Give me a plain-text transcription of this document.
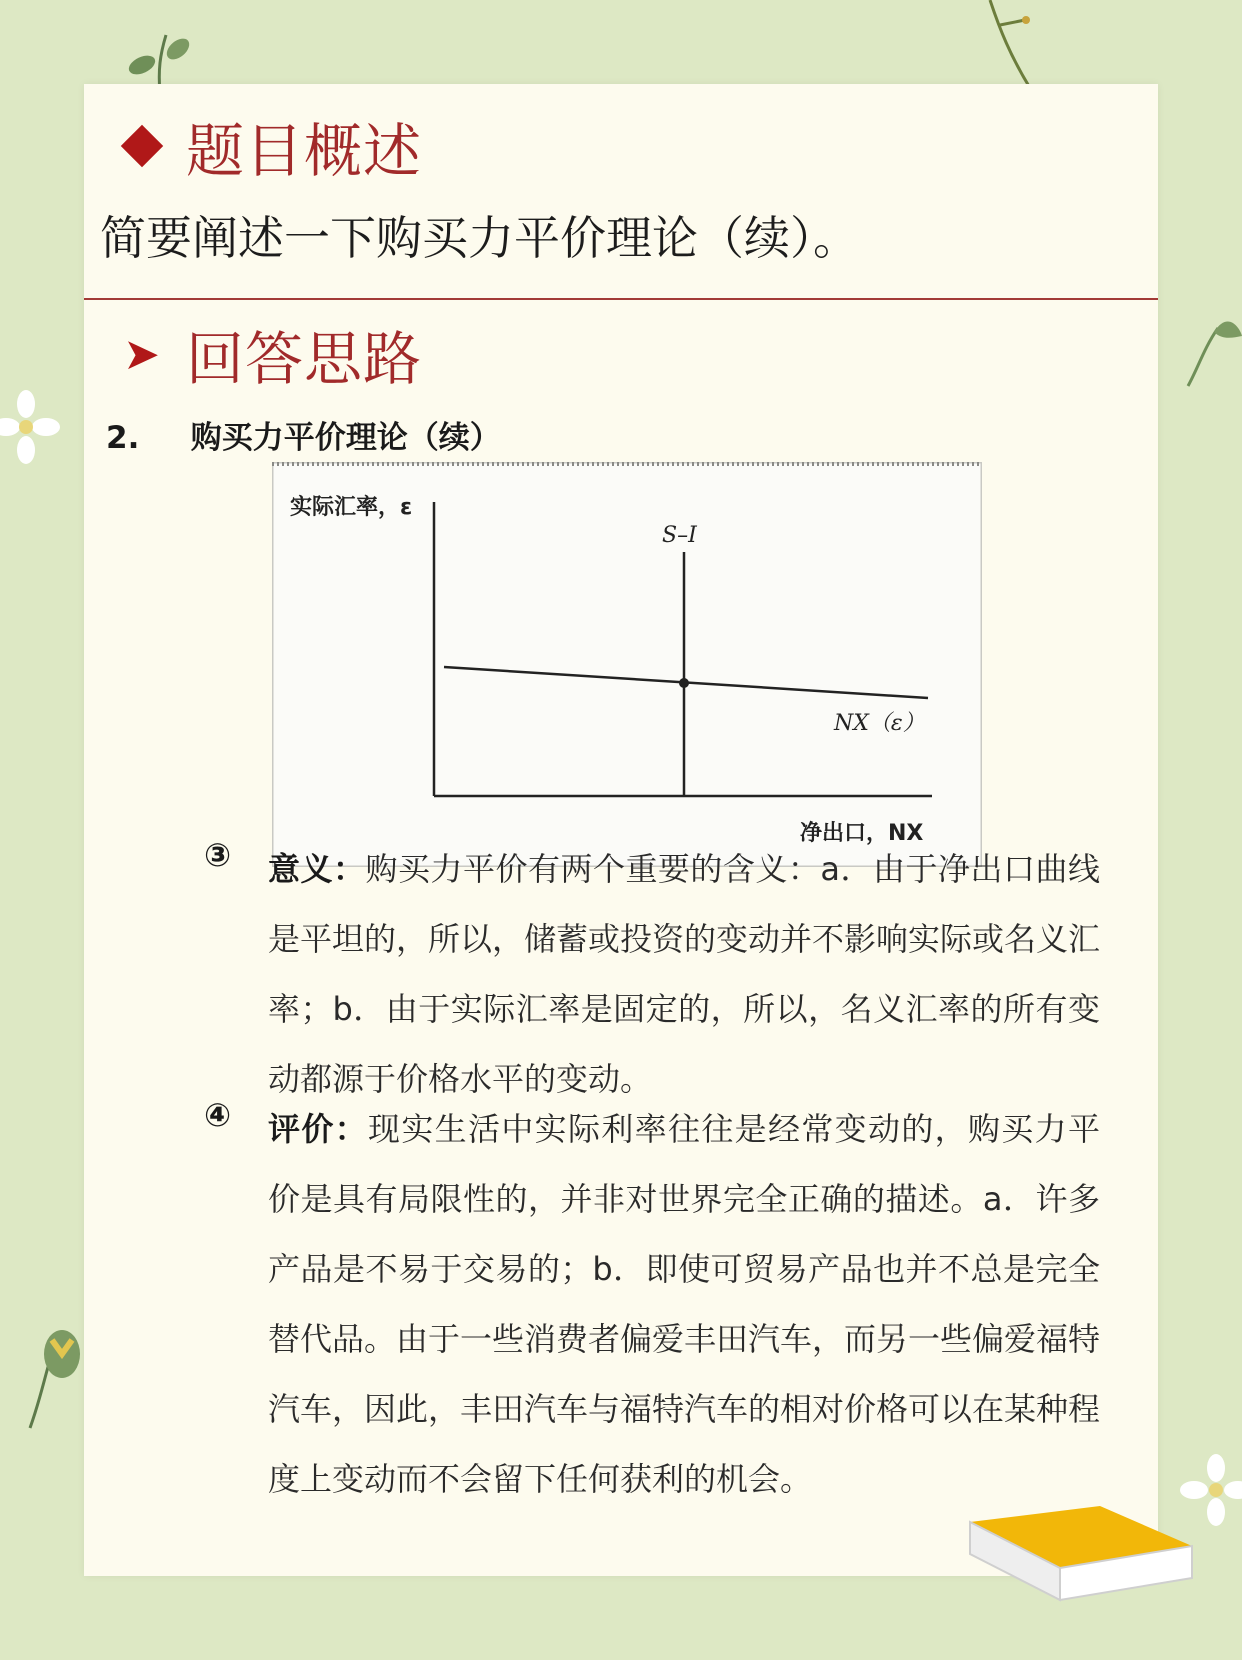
题目概述
简要阐述一下购买力平价理论（续）。
➤ 回答思路
2. 购买力平价理论（续）
实际汇率，ε
S–I
NX（ε）
净出口，NX
③	意义：购买力平价有两个重要的含义：a．由于净出口曲线是平坦的，所以，储蓄或投资的变动并不影响实际或名义汇率；b．由于实际汇率是固定的，所以，名义汇率的所有变动都源于价格水平的变动。
④	评价：现实生活中实际利率往往是经常变动的，购买力平价是具有局限性的，并非对世界完全正确的描述。a．许多产品是不易于交易的；b．即使可贸易产品也并不总是完全替代品。由于一些消费者偏爱丰田汽车，而另一些偏爱福特汽车，因此，丰田汽车与福特汽车的相对价格可以在某种程度上变动而不会留下任何获利的机会。
